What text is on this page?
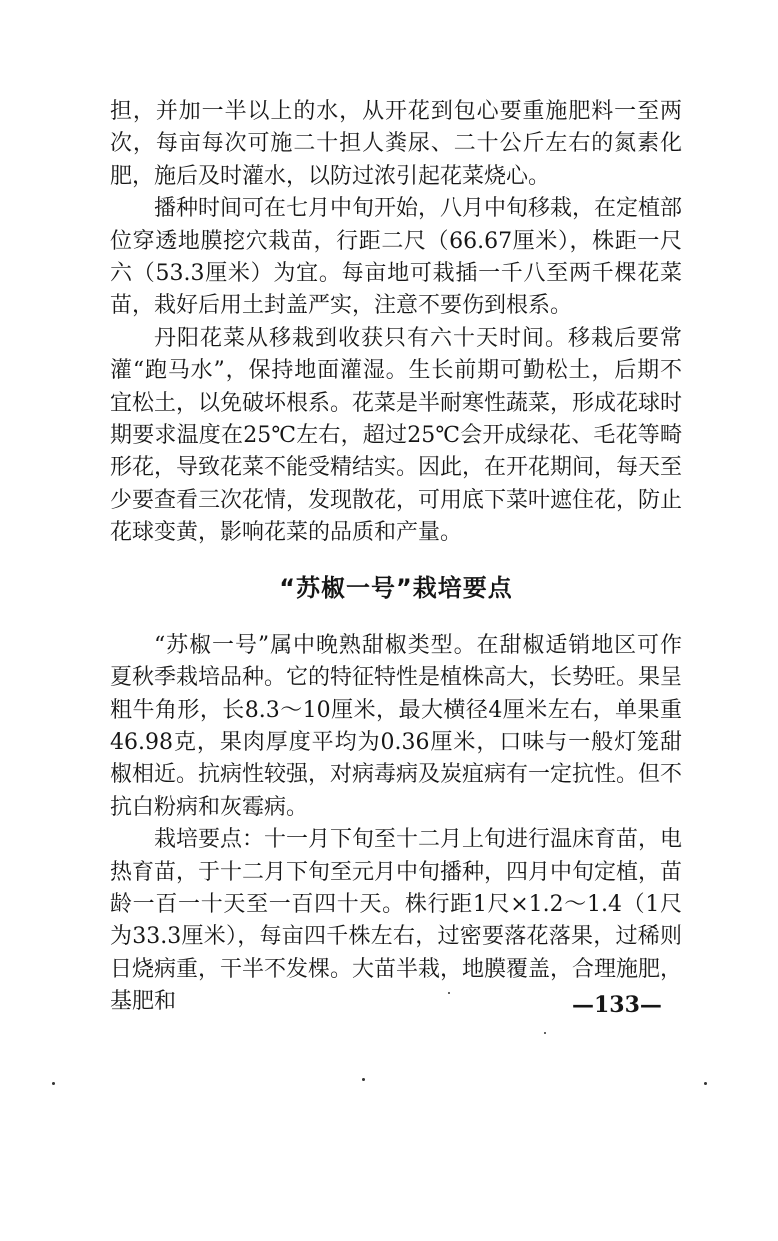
担，并加一半以上的水，从开花到包心要重施肥料一至两次，每亩每次可施二十担人粪尿、二十公斤左右的氮素化肥，施后及时灌水，以防过浓引起花菜烧心。

播种时间可在七月中旬开始，八月中旬移栽，在定植部位穿透地膜挖穴栽苗，行距二尺（66.67厘米），株距一尺六（53.3厘米）为宜。每亩地可栽插一千八至两千棵花菜苗，栽好后用土封盖严实，注意不要伤到根系。

丹阳花菜从移栽到收获只有六十天时间。移栽后要常灌“跑马水”，保持地面灌湿。生长前期可勤松土，后期不宜松土，以免破坏根系。花菜是半耐寒性蔬菜，形成花球时期要求温度在25℃左右，超过25℃会开成绿花、毛花等畸形花，导致花菜不能受精结实。因此，在开花期间，每天至少要查看三次花情，发现散花，可用底下菜叶遮住花，防止花球变黄，影响花菜的品质和产量。

“苏椒一号”栽培要点

“苏椒一号”属中晚熟甜椒类型。在甜椒适销地区可作夏秋季栽培品种。它的特征特性是植株高大，长势旺。果呈粗牛角形，长8.3～10厘米，最大横径4厘米左右，单果重46.98克，果肉厚度平均为0.36厘米，口味与一般灯笼甜椒相近。抗病性较强，对病毒病及炭疽病有一定抗性。但不抗白粉病和灰霉病。

栽培要点：十一月下旬至十二月上旬进行温床育苗，电热育苗，于十二月下旬至元月中旬播种，四月中旬定植，苗龄一百一十天至一百四十天。株行距1尺×1.2～1.4（1尺为33.3厘米），每亩四千株左右，过密要落花落果，过稀则日烧病重，干半不发棵。大苗半栽，地膜覆盖，合理施肥，基肥和	—133—
